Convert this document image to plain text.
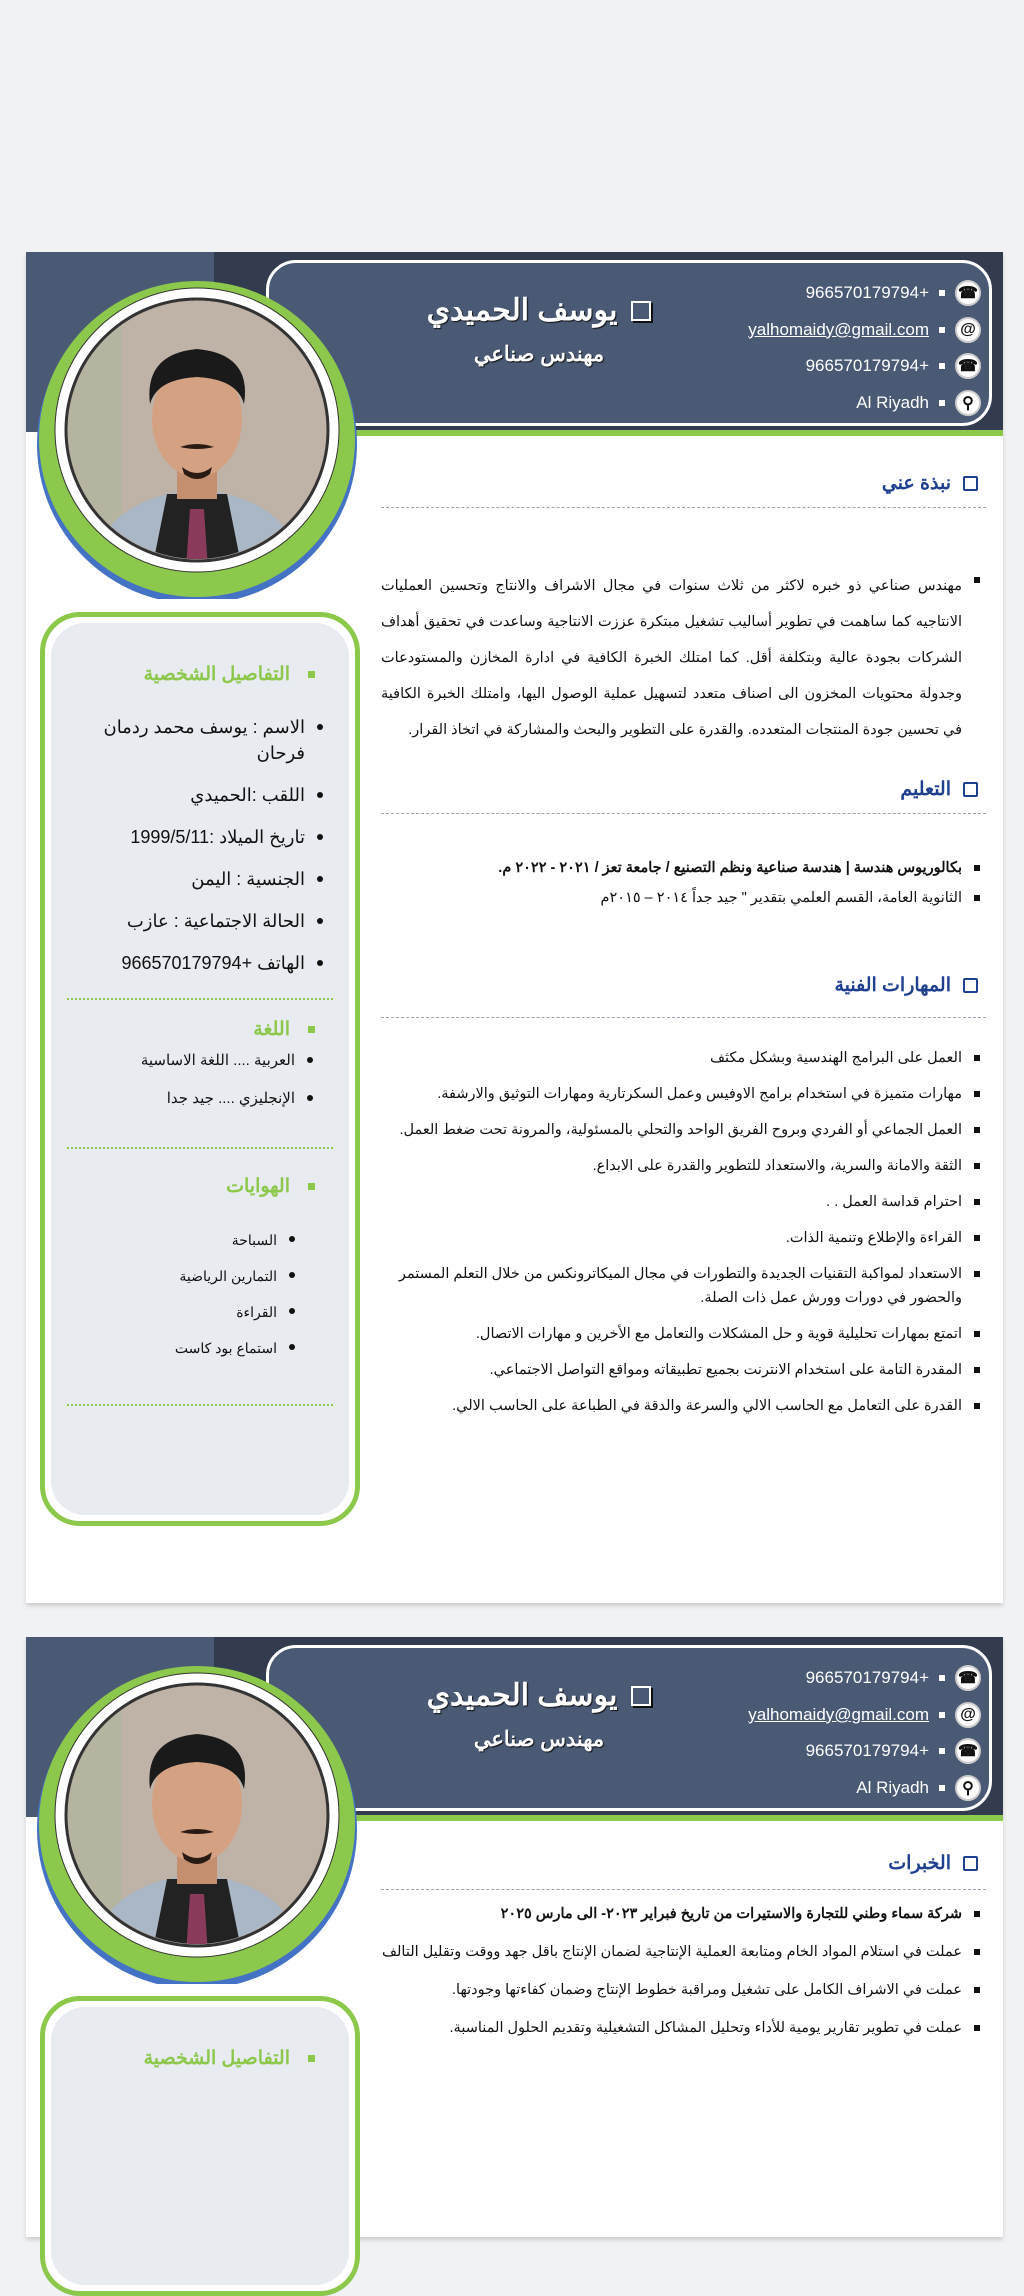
يوسف الحميدي
مهندس صناعي
☎
+966570179794
@
yalhomaidy@gmail.com
☎
+966570179794
⚲
Al Riyadh
التفاصيل الشخصية
الاسم : يوسف محمد ردمان فرحان
اللقب :الحميدي
تاريخ الميلاد :1999/5/11
الجنسية : اليمن
الحالة الاجتماعية : عازب
الهاتف +966570179794
اللغة
العربية .... اللغة الاساسية
الإنجليزي .... جيد جدا
الهوايات
السباحة
التمارين الرياضية
القراءة
استماع بود كاست
نبذة عني
مهندس صناعي ذو خبره لاكثر من ثلاث سنوات في مجال الاشراف والانتاج وتحسين العمليات الانتاجيه كما ساهمت في تطوير أساليب تشغيل مبتكرة عززت الانتاجية وساعدت في تحقيق أهداف الشركات بجودة عالية وبتكلفة أقل. كما امتلك الخبرة الكافية في ادارة المخازن والمستودعات وجدولة محتويات المخزون الى اصناف متعدد لتسهيل عملية الوصول اليها، وامتلك الخبرة الكافية في تحسين جودة المنتجات المتعدده. والقدرة على التطوير والبحث والمشاركة في اتخاذ القرار.
التعليم
بكالوريوس هندسة | هندسة صناعية ونظم التصنيع / جامعة تعز / ٢٠٢١ - ٢٠٢٢ م.
الثانوية العامة، القسم العلمي بتقدير " جيد جداً ٢٠١٤ – ٢٠١٥م
المهارات الفنية
العمل على البرامج الهندسية وبشكل مكثف
مهارات متميزة في استخدام برامج الاوفيس وعمل السكرتارية ومهارات التوثيق والارشفة.
العمل الجماعي أو الفردي وبروح الفريق الواحد والتحلي بالمسئولية، والمرونة تحت ضغط العمل.
الثقة والامانة والسرية، والاستعداد للتطوير والقدرة على الابداع.
احترام قداسة العمل . .
القراءة والإطلاع وتنمية الذات.
الاستعداد لمواكبة التقنيات الجديدة والتطورات في مجال الميكاترونكس من خلال التعلم المستمر والحضور في دورات وورش عمل ذات الصلة.
اتمتع بمهارات تحليلية قوية و حل المشكلات والتعامل مع الأخرين و مهارات الاتصال.
المقدرة التامة على استخدام الانترنت بجميع تطبيقاته ومواقع التواصل الاجتماعي.
القدرة على التعامل مع الحاسب الالي والسرعة والدقة في الطباعة على الحاسب الالي.
يوسف الحميدي
مهندس صناعي
☎
+966570179794
@
yalhomaidy@gmail.com
☎
+966570179794
⚲
Al Riyadh
التفاصيل الشخصية
الخبرات
شركة سماء وطني للتجارة والاستيرات من تاريخ فبراير ٢٠٢٣- الى مارس ٢٠٢٥
عملت في استلام المواد الخام ومتابعة العملية الإنتاجية لضمان الإنتاج باقل جهد ووقت وتقليل التالف
عملت في الاشراف الكامل على تشغيل ومراقبة خطوط الإنتاج وضمان كفاءتها وجودتها.
عملت في تطوير تقارير يومية للأداء وتحليل المشاكل التشغيلية وتقديم الحلول المناسبة.
